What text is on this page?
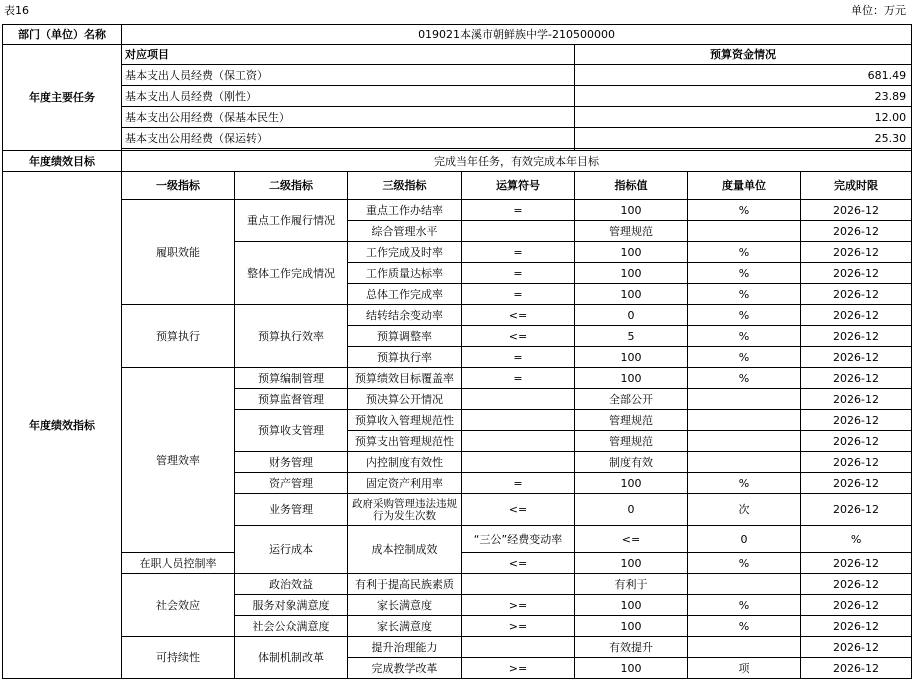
表16	单位：万元
部门（单位）名称	019021本溪市朝鲜族中学-210500000							
年度主要任务	对应项目				预算资金情况			
	基本支出人员经费（保工资）				681.49			
	基本支出人员经费（刚性）				23.89			
	基本支出公用经费（保基本民生）				12.00			
	基本支出公用经费（保运转）				25.30			

年度绩效目标	完成当年任务，有效完成本年目标							
年度绩效指标	一级指标	二级指标	三级指标	运算符号	指标值	度量单位	完成时限	
	履职效能	重点工作履行情况	重点工作办结率	=	100	%	2026-12	
			综合管理水平		管理规范		2026-12	
		整体工作完成情况	工作完成及时率	=	100	%	2026-12	
			工作质量达标率	=	100	%	2026-12	
			总体工作完成率	=	100	%	2026-12	
	预算执行	预算执行效率	结转结余变动率	<=	0	%	2026-12	
			预算调整率	<=	5	%	2026-12	
			预算执行率	=	100	%	2026-12	
	管理效率	预算编制管理	预算绩效目标覆盖率	=	100	%	2026-12	
		预算监督管理	预决算公开情况		全部公开		2026-12	
		预算收支管理	预算收入管理规范性		管理规范		2026-12	
			预算支出管理规范性		管理规范		2026-12	
		财务管理	内控制度有效性		制度有效		2026-12	
		资产管理	固定资产利用率	=	100	%	2026-12	
		业务管理	政府采购管理违法违规行为发生次数	<=	0	次	2026-12	
		运行成本	成本控制成效	“三公”经费变动率	<=	0	%	
	在职人员控制率			<=	100	%	2026-12	
	社会效应	政治效益	有利于提高民族素质		有利于		2026-12	
		服务对象满意度	家长满意度	>=	100	%	2026-12	
		社会公众满意度	家长满意度	>=	100	%	2026-12	
	可持续性	体制机制改革	提升治理能力		有效提升		2026-12	
			完成教学改革	>=	100	项	2026-12	
